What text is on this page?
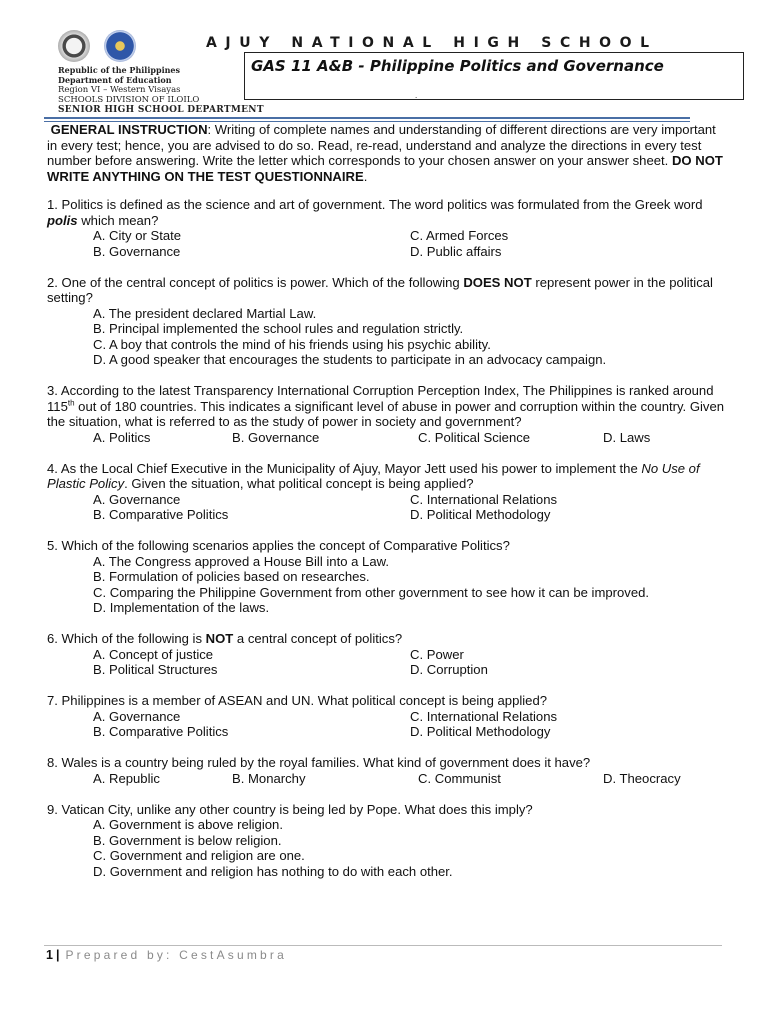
AJUY NATIONAL HIGH SCHOOL
Republic of the Philippines
Department of Education
Region VI – Western Visayas
SCHOOLS DIVISION OF ILOILO
SENIOR HIGH SCHOOL DEPARTMENT
GAS 11 A&B - Philippine Politics and Governance
.

GENERAL INSTRUCTION: Writing of complete names and understanding of different directions are very important in every test; hence, you are advised to do so. Read, re-read, understand and analyze the directions in every test number before answering. Write the letter which corresponds to your chosen answer on your answer sheet. DO NOT WRITE ANYTHING ON THE TEST QUESTIONNAIRE.

1. Politics is defined as the science and art of government. The word politics was formulated from the Greek word polis which mean?

A. City or State	C. Armed Forces
B. Governance	D. Public affairs

2. One of the central concept of politics is power. Which of the following DOES NOT represent power in the political setting?

A. The president declared Martial Law.
B. Principal implemented the school rules and regulation strictly.
C. A boy that controls the mind of his friends using his psychic ability.
D. A good speaker that encourages the students to participate in an advocacy campaign.

3. According to the latest Transparency International Corruption Perception Index, The Philippines is ranked around 115th out of 180 countries. This indicates a significant level of abuse in power and corruption within the country. Given the situation, what is referred to as the study of power in society and government?

A. Politics	B. Governance	C. Political Science	D. Laws

4. As the Local Chief Executive in the Municipality of Ajuy, Mayor Jett used his power to implement the No Use of Plastic Policy. Given the situation, what political concept is being applied?

A. Governance	C. International Relations
B. Comparative Politics	D. Political Methodology

5. Which of the following scenarios applies the concept of Comparative Politics?

A. The Congress approved a House Bill into a Law.
B. Formulation of policies based on researches.
C. Comparing the Philippine Government from other government to see how it can be improved.
D. Implementation of the laws.

6. Which of the following is NOT a central concept of politics?

A. Concept of justice	C. Power
B. Political Structures	D. Corruption

7. Philippines is a member of ASEAN and UN. What political concept is being applied?

A. Governance	C. International Relations
B. Comparative Politics	D. Political Methodology

8. Wales is a country being ruled by the royal families. What kind of government does it have?

A. Republic	B. Monarchy	C. Communist	D. Theocracy

9. Vatican City, unlike any other country is being led by Pope. What does this imply?

A. Government is above religion.
B. Government is below religion.
C. Government and religion are one.
D. Government and religion has nothing to do with each other.
1 | Prepared by: CestAsumbra
